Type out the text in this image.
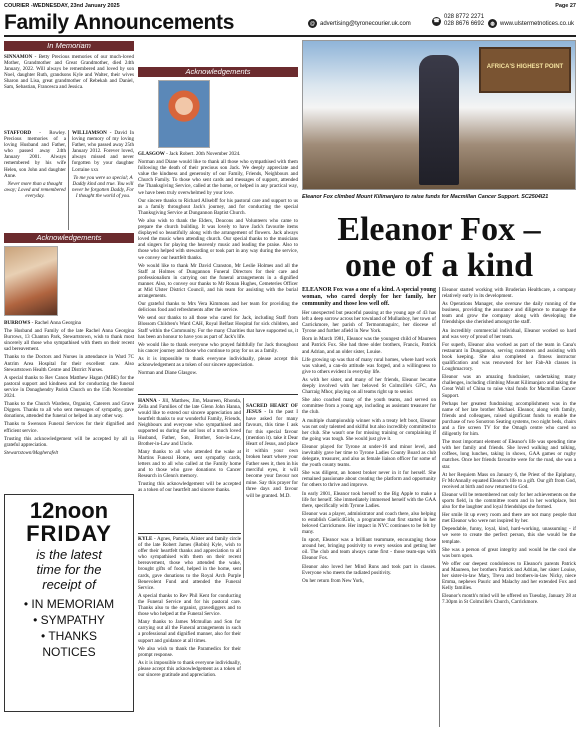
COURIER -WEDNESDAY, 23nd January 2025	Page 27
Family Announcements	@ advertising@tyronecourier.uk.com	☎
028 8772 2271
028 8676 6692	◍ www.ulstermetnotices.co.uk
In Memoriam

SINNAMON - Betty Precious memories of our much-loved Mother, Grandmother and Great Grandmother, died 24th January, 2022. Will always be remembered and loved by son Noel, daughter Ruth, grandsons Kyle and Walter, their wives Sharon and Lisa, great grandmother of Rebekah and Daniel, Sam, Sebastian, Francesca and Jessica.

STAFFORD - Rowley. Precious memories of a loving Husband and Father, who passed away 24th January 2001. Always remembered by his wife Helen, son John and daughter Anne.

Never more than a thought away; Loved and remembered everyday.

WILLIAMSON - David In loving memory of my loving Father, who passed away 25th January 2012. Forever loved, always missed and never forgotten by your daughter Lorraine xxx

To me you were so special; A Daddy kind and true. You will never be forgotten Daddy, For I thought the world of you.

Acknowledgements

BURROWS - Rachel Anna Georgina

The Husband and Family of the late Rachel Anna Georgina Burrows, 13 Chanton Park, Stewartstown, wish to thank most sincerely all those who sympathised with them on their recent sad bereavement.

Thanks to the Doctors and Nurses in attendance in Ward 7C Antrim Area Hospital for their excellent care. Also Stewartstown Health Centre and District Nurses.

A special thanks to Rev Canon Matthew Hagan (MBE) for the pastoral support and kindness and for conducting the funeral service in Donaghendry Parish Church on the 15th November 2024.

Thanks to the Church Wardens, Organist, Caterers and Grave Diggers. Thanks to all who sent messages of sympathy, gave donations, attended the funeral or helped in any other way.

Thanks to Swenson Funeral Services for their dignified and efficient service.

Trusting this acknowledgement will be accepted by all in grateful appreciation.

Stewartstown/Magherafelt

12noon
FRIDAY
is the latest
time for the
receipt of
• IN MEMORIAM
• SYMPATHY
• THANKS
NOTICES
Acknowledgements

GLASGOW - Jack Robert. 20th November 2024.

Norman and Diane would like to thank all those who sympathised with them following the death of their precious son Jack. We deeply appreciate and value the kindness and generosity of our Family, Friends, Neighbours and Church Family. To those who sent cards and messages of support, attended the Thanksgiving Service, called at the home, or helped in any practical way, we have been truly overwhelmed by your love.

Our sincere thanks to Richard Allsebff for his pastoral care and support to us as a family throughout Jack's journey, and for conducting the special Thanksgiving Service at Dungannon Baptist Church.

We also wish to thank the Elders, Deacons and Volunteers who came to prepare the church building. It was lovely to have Jack's favourite items displayed so beautifully along with the arrangement of flowers. Jack always loved the music when attending church. Our special thanks to the musicians and singers for playing the heavenly music and leading the praise. Also to those who helped with stewarding or took part in any way during the service, we convey our heartfelt thanks.

We would like to thank Mr David Cranston, Mr Leslie Holmes and all the Staff at Holmes of Dungannon Funeral Directors for their care and professionalism in carrying out the funeral arrangements in a dignified manner. Also, to convey our thanks to Mr Ronan Hughes, Cemeteries Officer at Mid Ulster District Council, and his team for assisting with the burial arrangements.

Our grateful thanks to Mrs Vera Kimmons and her team for providing the delicious food and refreshments after the service.

We send our thanks to all those who cared for Jack, including Staff from Blossom Children's Ward CAH, Royal Belfast Hospital for sick children, and Staff within the Community. For the many Charities that have supported us, it has been an honour to have you as part of Jack's life.

We would like to thank everyone who prayed faithfully for Jack throughout his cancer journey and those who continue to pray for us as a family.

As it is impossible to thank everyone individually, please accept this acknowledgement as a token of our sincere appreciation.

Norman and Diane Glasgow.

HANNA - Jill, Matthew, Jim, Maureen, Rhonda, Zella and Families of the late Glenn John Hanna, would like to extend our sincere appreciation and heartfelt thanks to our wonderful Family, Friends, Neighbours and everyone who sympathised and supported us during the sad loss of a much loved Husband, Father, Son, Brother, Son-in-Law, Brother-in-Law and Uncle.

Many thanks to all who attended the wake at Martins Funeral Home, sent sympathy cards, letters and to all who called at the Family home and to those who gave donations to Cancer Research in Glenn's memory.

Trusting this acknowledgement will be accepted as a token of our heartfelt and sincere thanks.

KYLE - Agnes, Pamela, Alister and family circle of the late Robert James (Robin) Kyle, wish to offer their heartfelt thanks and appreciation to all who sympathised with them on their recent bereavement, those who attended the wake, brought gifts of food, helped in the home, sent cards, gave donations to the Royal Arch Purple Benevolent Fund and attended the Funeral Service.

A special thanks to Rev Phil Kent for conducting the Funeral Service and for his pastoral care. Thanks also to the organist, gravediggers and to those who helped at the Funeral Service.

Many thanks to James Mcmullan and Son for carrying out all the Funeral arrangements in such a professional and dignified manner, also for their support and guidance at all times.

We also wish to thank the Paramedics for their prompt response.

As it is impossible to thank everyone individually, please accept this acknowledgement as a token of our sincere gratitude and appreciation.

SACRED HEART OF JESUS - In the past I have asked for many favours, this time I ask for this special favour (mention it). take it Dear Heart of Jesus, and place it within your own broken heart where your Father sees it, then in his merciful eyes, it will become your favour not mine. Say this prayer for three days and favour will be granted. M.D.

AFRICA'S HIGHEST POINT
Eleanor Fox climbed Mount Kilimanjaro to raise funds for Macmillan Cancer Support. SC2504I21
Eleanor Fox –
one of a kind

ELEANOR Fox was a one of a kind. A special young woman, who cared deeply for her family, her community and those less well off.

Her unexpected but peaceful passing at the young age of 43 has left a deep sorrow across her townland of Mullanboy, her town of Carrickmore, her parish of Termonmaguirc, her diocese of Tyrone and further afield in New York.

Born in March 1981, Eleanor was the youngest child of Maureen and Patrick Fox. She had three older brothers, Francis, Patrick and Adrian, and an older sister, Louise.

Life growing up was that of many rural homes, where hard work was valued, a can-do attitude was forged, and a willingness to give to others evident in everyday life.

As with her sister, and many of her friends, Eleanor became deeply involved with her beloved St Colmcille's GFC, An Charraig Mhor, playing on all teams right up to senior.

She also coached many of the youth teams, and served on committee from a young age, including as assistant treasurer for the club.

A multiple championship winner with a treaty left boot, Eleanor was not only talented and skilful but also incredibly committed to her club. She wasn't one for missing training or complaining if the going was tough. She would just give it.

Eleanor played for Tyrone at under-16 and minor level, and inevitably gave her time to Tyrone Ladies County Board as club delegate, treasurer, and also as female liaison officer for some of the youth county teams.

She was diligent, an honest broker never in it for herself. She remained passionate about creating the platform and opportunity for others to thrive and improve.

In early 2001, Eleanor took herself to the Big Apple to make a life for herself. She immediately immersed herself with the GAA there, specifically with Tyrone Ladies.

Eleanor was a player, administrator and coach there, also helping to establish Gaelic4Girls, a programme that first started in her beloved Carrickmore. Her impact in NYC continues to be felt by many.

In sport, Eleanor was a brilliant teammate, encouraging those around her, bringing positivity to every session and getting her oil. The club and team always came first - those team-ups with Eleanor Fox.

Eleanor also loved her Mind Runs and took part in classes. Everyone who meets the radiated positivity.

On her return from New York,

Eleanor started working with Bruderian Healthcare, a company relatively early in its development.

As Operations Manager, she oversaw the daily running of the business, providing the assurance and diligence to manage the team and grow the company along with developing the friendships she cherished amongst the staff.

An incredibly commercial individual, Eleanor worked so hard and was very of proud of her team.

For superb, Eleanor also worked as part of the team in Cana's restaurant in Dungannon, serving customers and assisting with book keeping. She also completed a fitness instructor qualification and was renowned for her Fab-Ab classes in Loughmacrory.

Eleanor was an amazing fundraiser, undertaking many challenges, including climbing Mount Kilimanjaro and taking the Great Wall of China to raise vital funds for Macmillan Cancer Support.

Perhaps her greatest fundraising accomplishment was in the name of her late brother Michael. Eleanor, along with family, friends and colleagues, raised significant funds to enable the purchase of two Sonotron Seating systems, two night beds, chairs and a fire screen TV for the Omagh centre who cared so diligently for him.

The most important element of Eleanor's life was spending time with her family and friends. She loved walking and talking, coffees, long lunches, taking in shows, GAA games or rugby matches. Once her friends favourite were for the road, she was a star.

At her Requiem Mass on January 6, the Priest of the Epiphany, Fr McAnnally equated Eleanor's life to a gift. Our gift from God, received at birth and now returned to God.

Eleanor will be remembered not only for her achievements on the sports field, in the committee room and in her workplace, but also for the laughter and loyal friendships she formed.

Her smile lit up every room and there are not many people that met Eleanor who were not inspired by her.

Dependable, funny, loyal, kind, hard-working, unassuming - if we were to create the perfect person, this she would be the template.

She was a person of great integrity and would be the cool she was born upon.

We offer our deepest condolences to Eleanor's parents Patrick and Maureen, her brothers Patrick and Adrian, her sister Louise, her sister-in-law Mary, Treva and brothers-in-law Nicky, niece Emma, nephews Pauric and Malachy and her extended Fox and Kelly families.

Eleanor's month's mind will be offered on Tuesday, January 28 at 7.30pm in St Colmcille's Church, Carrickmore.
